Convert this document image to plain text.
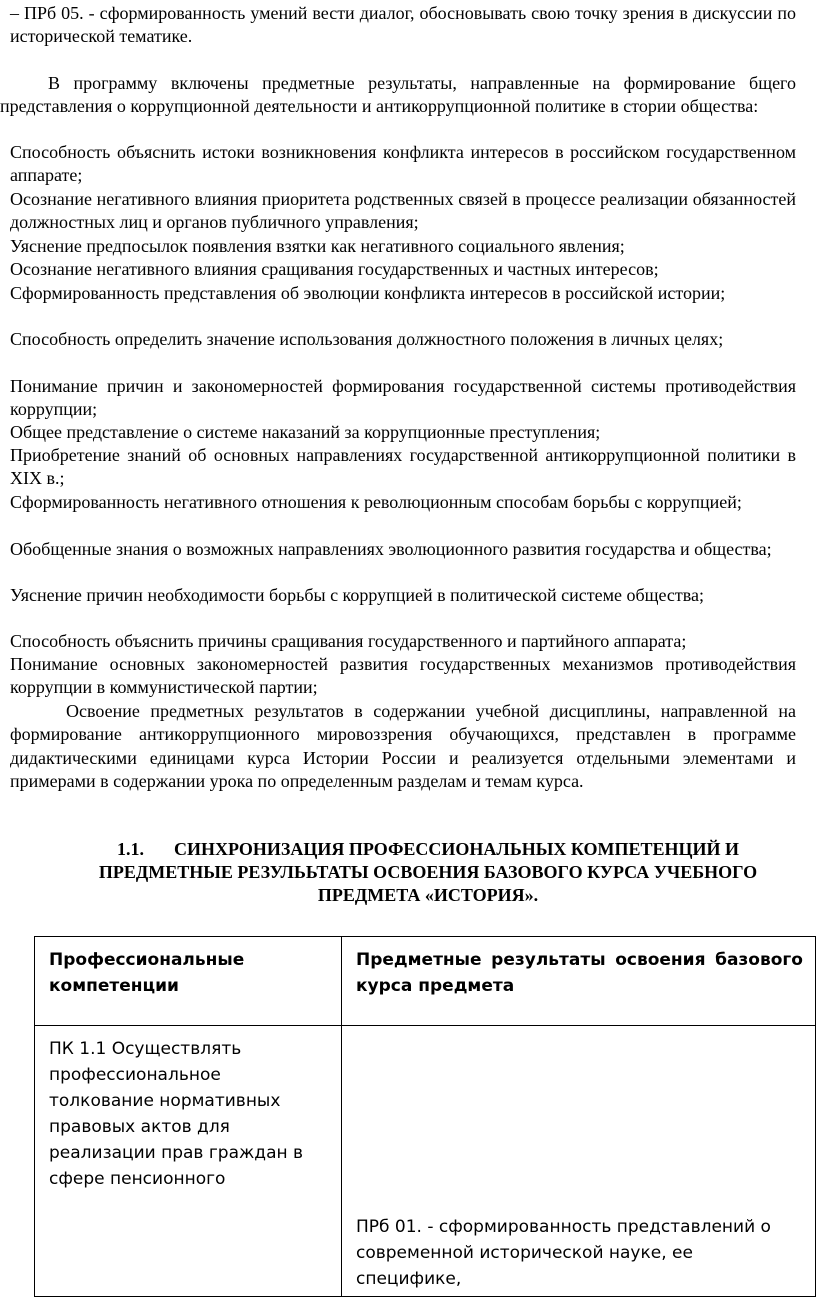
– ПРб 05. - сформированность умений вести диалог, обосновывать свою точку зрения в дискуссии по исторической тематике.
В программу включены предметные результаты, направленные на формирование бщего представления о коррупционной деятельности и антикоррупционной политике в стории общества:
Способность объяснить истоки возникновения конфликта интересов в российском государственном аппарате;
Осознание негативного влияния приоритета родственных связей в процессе реализации обязанностей должностных лиц и органов публичного управления;
Уяснение предпосылок появления взятки как негативного социального явления;
Осознание негативного влияния сращивания государственных и частных интересов;
Сформированность представления об эволюции конфликта интересов в российской истории;
Способность определить значение использования должностного положения в личных целях;
Понимание причин и закономерностей формирования государственной системы противодействия коррупции;
Общее представление о системе наказаний за коррупционные преступления;
Приобретение знаний об основных направлениях государственной антикоррупционной политики в XIX в.;
Сформированность негативного отношения к революционным способам борьбы с коррупцией;
Обобщенные знания о возможных направлениях эволюционного развития государства и общества;
Уяснение причин необходимости борьбы с коррупцией в политической системе общества;
Способность объяснить причины сращивания государственного и партийного аппарата;
Понимание основных закономерностей развития государственных механизмов противодействия коррупции в коммунистической партии;
Освоение предметных результатов в содержании учебной дисциплины, направленной на формирование антикоррупционного мировоззрения обучающихся, представлен в программе дидактическими единицами курса Истории России и реализуется отдельными элементами и примерами в содержании урока по определенным разделам и темам курса.
1.1. СИНХРОНИЗАЦИЯ ПРОФЕССИОНАЛЬНЫХ КОМПЕТЕНЦИЙ И ПРЕДМЕТНЫЕ РЕЗУЛЬЬТАТЫ ОСВОЕНИЯ БАЗОВОГО КУРСА УЧЕБНОГО ПРЕДМЕТА «ИСТОРИЯ».
Профессиональные компетенции	Предметные результаты освоения базового курса предмета
ПК 1.1 Осуществлять профессиональное толкование нормативных правовых актов для реализации прав граждан в сфере пенсионного	ПРб 01. - сформированность представлений о современной исторической науке, ее специфике,
